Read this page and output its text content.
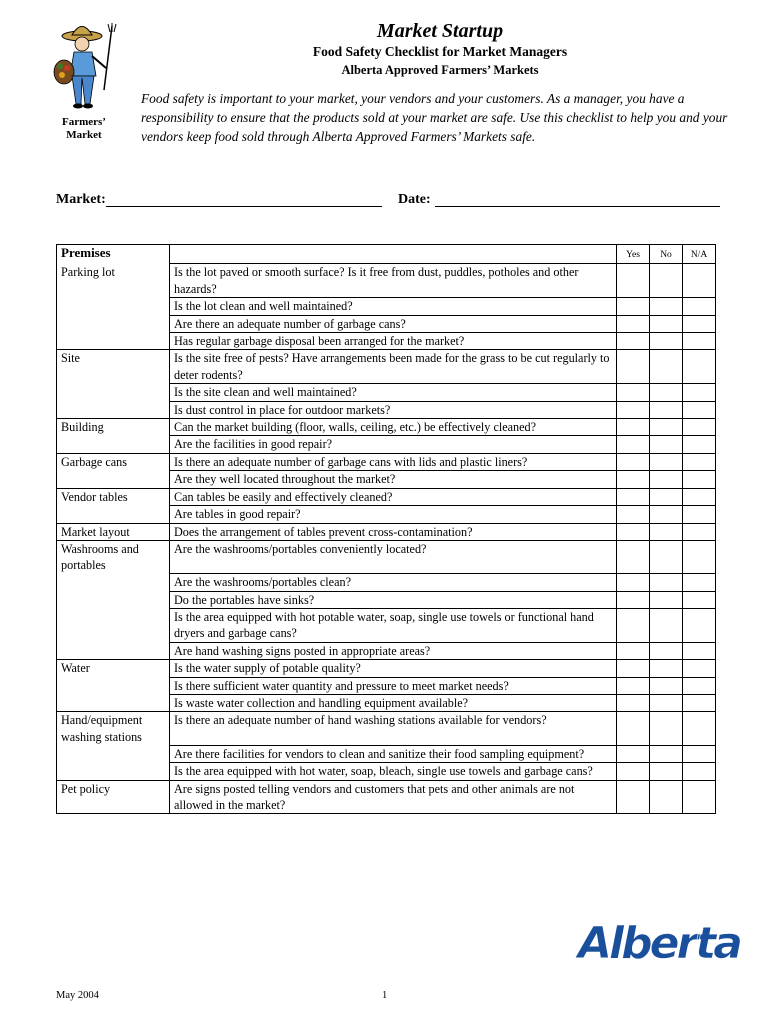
Farmers’
Market
Market Startup
Food Safety Checklist for Market Managers
Alberta Approved Farmers’ Markets
Food safety is important to your market, your vendors and your customers. As a manager, you have a responsibility to ensure that the products sold at your market are safe. Use this checklist to help you and your vendors keep food sold through Alberta Approved Farmers’ Markets safe.
Market:	Date:
Premises		Yes	No	N/A
Parking lot	Is the lot paved or smooth surface? Is it free from dust, puddles, potholes and other hazards?			
	Is the lot clean and well maintained?			
	Are there an adequate number of garbage cans?			
	Has regular garbage disposal been arranged for the market?			
Site	Is the site free of pests? Have arrangements been made for the grass to be cut regularly to deter rodents?			
	Is the site clean and well maintained?			
	Is dust control in place for outdoor markets?			
Building	Can the market building (floor, walls, ceiling, etc.) be effectively cleaned?			
	Are the facilities in good repair?			
Garbage cans	Is there an adequate number of garbage cans with lids and plastic liners?			
	Are they well located throughout the market?			
Vendor tables	Can tables be easily and effectively cleaned?			
	Are tables in good repair?			
Market layout	Does the arrangement of tables prevent cross-contamination?			
Washrooms and portables	Are the washrooms/portables conveniently located?			
	Are the washrooms/portables clean?			
	Do the portables have sinks?			
	Is the area equipped with hot potable water, soap, single use towels or functional hand dryers and garbage cans?			
	Are hand washing signs posted in appropriate areas?			
Water	Is the water supply of potable quality?			
	Is there sufficient water quantity and pressure to meet market needs?			
	Is waste water collection and handling equipment available?			
Hand/equipment washing stations	Is there an adequate number of hand washing stations available for vendors?			
	Are there facilities for vendors to clean and sanitize their food sampling equipment?			
	Is the area equipped with hot water, soap, bleach, single use towels and garbage cans?			
Pet policy	Are signs posted telling vendors and customers that pets and other animals are not allowed in the market?			
Alberta
May 2004	1
